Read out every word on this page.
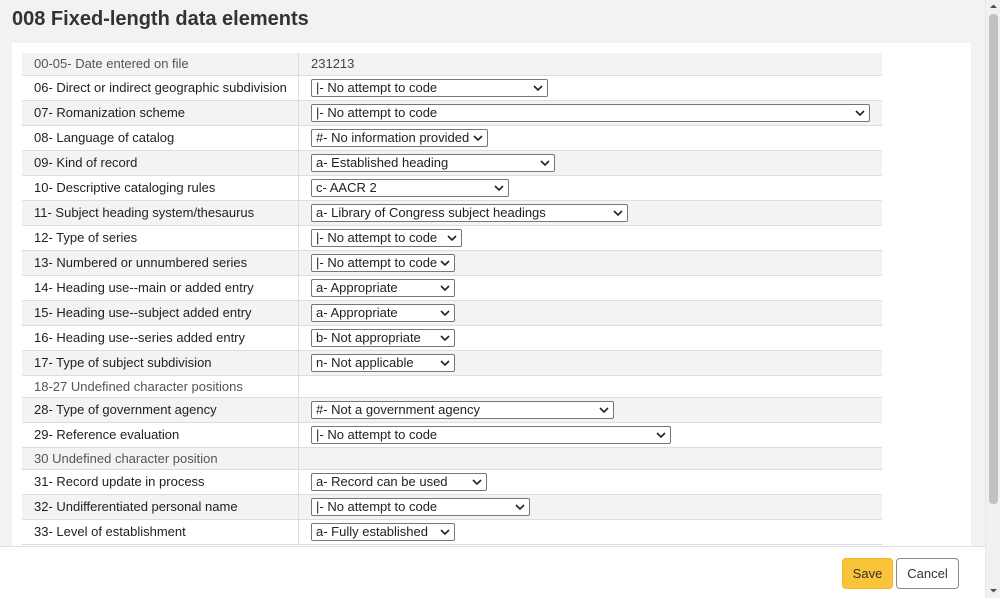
008 Fixed-length data elements
00-05- Date entered on file	231213
06- Direct or indirect geographic subdivision	|- No attempt to code

07- Romanization scheme	|- No attempt to code

08- Language of catalog	#- No information provided

09- Kind of record	a- Established heading

10- Descriptive cataloging rules	c- AACR 2

11- Subject heading system/thesaurus	a- Library of Congress subject headings

12- Type of series	|- No attempt to code

13- Numbered or unnumbered series	|- No attempt to code

14- Heading use--main or added entry	a- Appropriate

15- Heading use--subject added entry	a- Appropriate

16- Heading use--series added entry	b- Not appropriate

17- Type of subject subdivision	n- Not applicable

18-27 Undefined character positions	
28- Type of government agency	#- Not a government agency

29- Reference evaluation	|- No attempt to code

30 Undefined character position	
31- Record update in process	a- Record can be used

32- Undifferentiated personal name	|- No attempt to code

33- Level of establishment	a- Fully established
Save	Cancel
